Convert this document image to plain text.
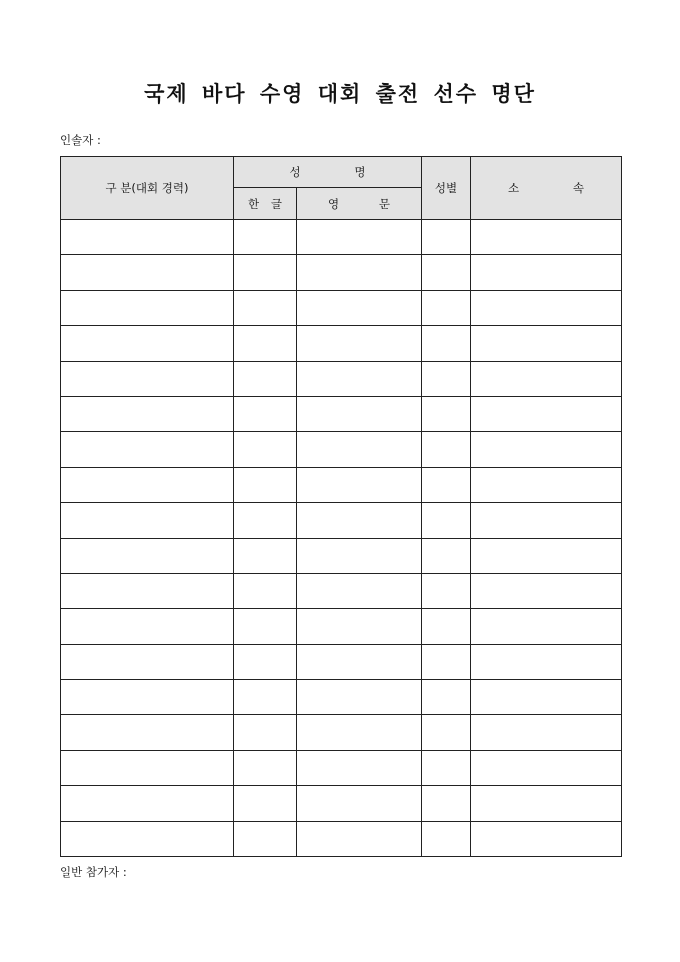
국제 바다 수영 대회 출전 선수 명단
인솔자 :
구 분(대회 경력)	성 명		성별	소 속

	한 글	영 문		

일반 참가자 :
